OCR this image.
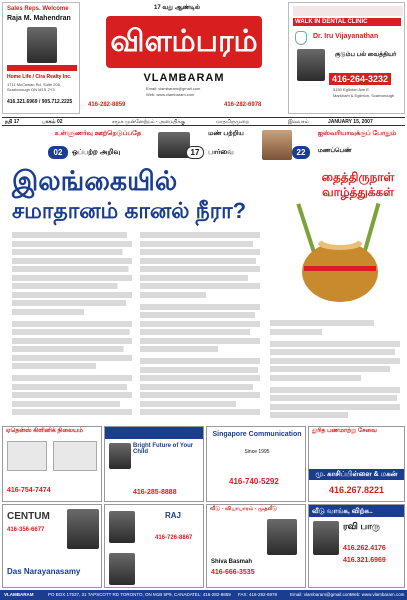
Sales Reps. Welcome
Raja M. Mahendran
Home Life / Cira Realty Inc.
1711 McCowan Rd, Suite 205, Scarborough ON M1S 2Y3
416.321.6969 / 905.712.2225
17 வது ஆண்டில்
விளம்பரம்
VLAMBARAM
Email: vlambaram@gmail.com
Web: www.vlambaram.com
416-282-8859	416-282-6978
WALK IN DENTAL CLINIC
Dr. Iru Vijayanathan
குடும்ப பல் வைத்தியர்
416-264-3232
3150 Eglinton Ave E.
Markham & Eglinton, Scarborough
நதி 17	பாகம் 02	சமூக முன்னேற்றம் - அமைதிக்கு	மாதமிருமுறை	இலவசம்	JANUARY 15, 2007
உள்ளுணர்வு ஊற்றெடுப்பதே
02	ஒப்பற்ற அறிவு
மண் பற்றிய
17	பார்வை
ஐஸ்வரியாவுக்குப் போதும்
22	மணப்பெண்
இலங்கையில்
சமாதானம் கானல் நீரா?
தைத்திருநாள் வாழ்த்துக்கள்
ஏதென்ஸ் கிளினிக் நிலையம்
416-754-7474
Bright Future of Your Child
416-285-8888
Singapore Communication
Since 1995
416-740-5292
துரித பணமாற்று சேவை
மு. காசிப்பிள்ளை & மகன்
416.267.8221
CENTUM
416-356-6677
Das Narayanasamy
RAJ
416-726-8867
வீடு - வியாபாரம் - முதலீடு
Shiva Basmah
416-666-3535
வீடு வாங்க, விற்க..
ரவி பாரு
416.262.4176
416.321.6969
VLAMBARAM	PO BOX 17537, 31 TAPSCOTT RD TORONTO, ON M1B 5P9, CANADA TEL: 416-282-8859 FAX: 416-282-6978	Email: vlambaram@gmail.com
Web: www.vlambaram.com
